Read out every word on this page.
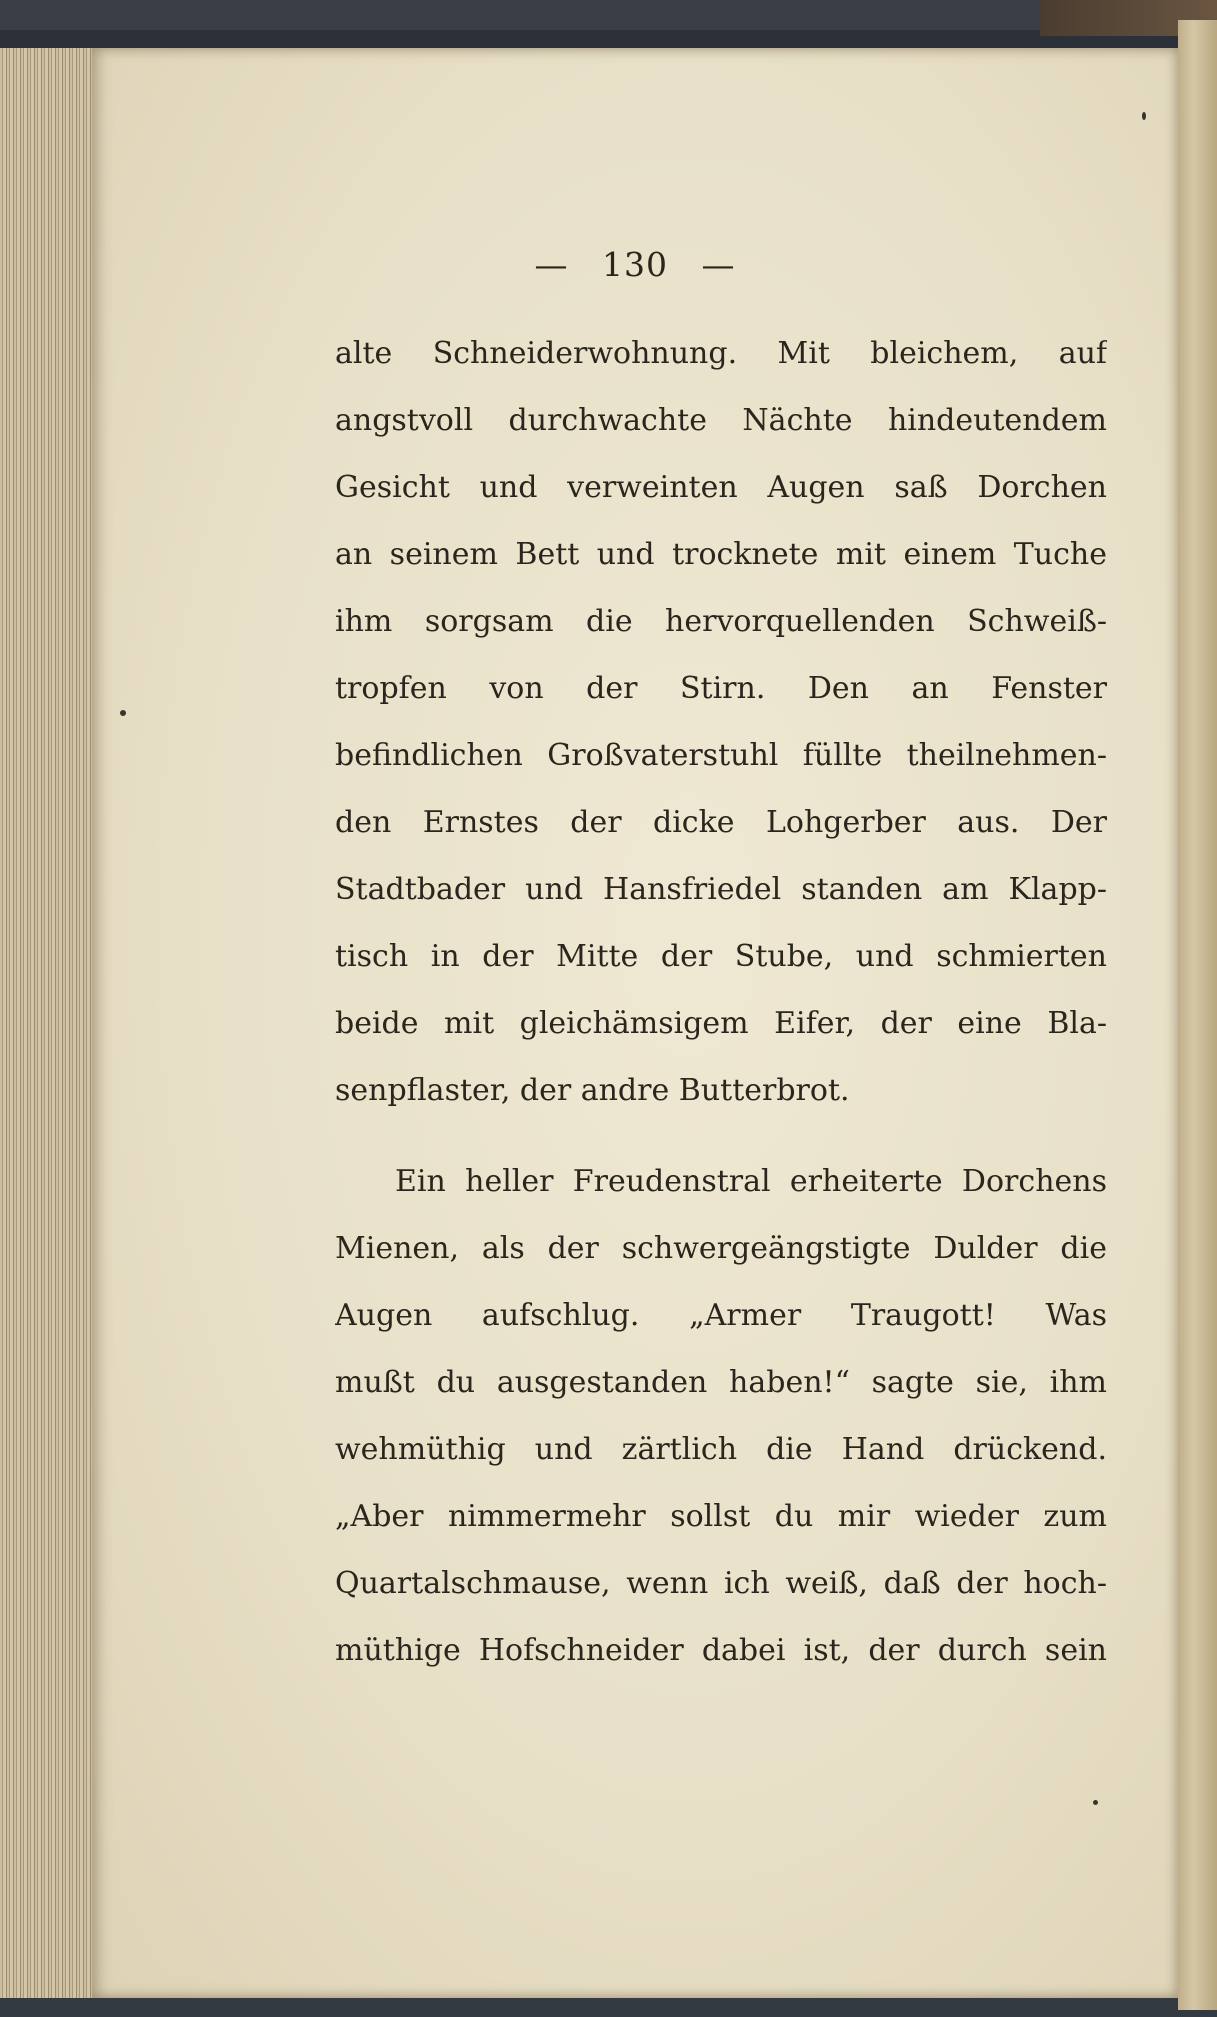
— 130 —
alte Schneiderwohnung. Mit bleichem, auf
angstvoll durchwachte Nächte hindeutendem
Gesicht und verweinten Augen saß Dorchen
an seinem Bett und trocknete mit einem Tuche
ihm sorgsam die hervorquellenden Schweiß-
tropfen von der Stirn. Den an Fenster
befindlichen Großvaterstuhl füllte theilnehmen-
den Ernstes der dicke Lohgerber aus. Der
Stadtbader und Hansfriedel standen am Klapp-
tisch in der Mitte der Stube, und schmierten
beide mit gleichämsigem Eifer, der eine Bla-
senpflaster, der andre Butterbrot.
Ein heller Freudenstral erheiterte Dorchens
Mienen, als der schwergeängstigte Dulder die
Augen aufschlug. „Armer Traugott! Was
mußt du ausgestanden haben!“ sagte sie, ihm
wehmüthig und zärtlich die Hand drückend.
„Aber nimmermehr sollst du mir wieder zum
Quartalschmause, wenn ich weiß, daß der hoch-
müthige Hofschneider dabei ist, der durch sein
